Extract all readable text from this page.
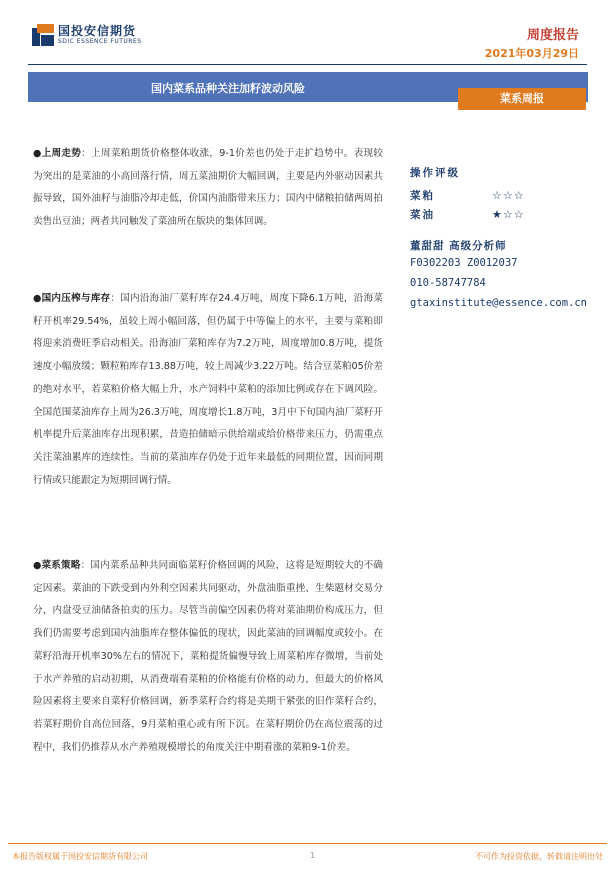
国投安信期货
SDIC ESSENCE FUTURES	周度报告
2021年03月29日
国内菜系品种关注加籽波动风险
菜系周报

●上周走势：上周菜粕期货价格整体收涨，9-1价差也仍处于走扩趋势中。表现较为突出的是菜油的小高回落行情，周五菜油期价大幅回调，主要是内外驱动因素共振导致，国外油籽与油脂冷却走低，价国内油脂带来压力；国内中储粮拍储两周拍卖售出豆油；两者共同触发了菜油所在版块的集体回调。

●国内压榨与库存：国内沿海油厂菜籽库存24.4万吨，周度下降6.1万吨，沿海菜籽开机率29.54%，虽较上周小幅回落，但仍属于中等偏上的水平，主要与菜粕即将迎来消费旺季启动相关。沿海油厂菜粕库存为7.2万吨，周度增加0.8万吨，提货速度小幅放缓；颗粒粕库存13.88万吨，较上周减少3.22万吨。结合豆菜粕05价差的绝对水平，若菜粕价格大幅上升，水产饲料中菜粕的添加比例或存在下调风险。全国范围菜油库存上周为26.3万吨，周度增长1.8万吨，3月中下旬国内油厂菜籽开机率提升后菜油库存出现积累，昔造拍储暗示供给端或给价格带来压力，仍需重点关注菜油累库的连续性。当前的菜油库存仍处于近年来最低的同期位置，因而同期行情或只能跟定为短期回调行情。

●菜系策略：国内菜系品种共同面临菜籽价格回调的风险，这将是短期较大的不确定因素。菜油的下跌受到内外利空因素共同驱动，外盘油脂重挫、生柴题材交易分分，内盘受豆油储备拍卖的压力。尽管当前偏空因素仍将对菜油期价构成压力，但我们仍需要考虑到国内油脂库存整体偏低的现状，因此菜油的回调幅度或较小。在菜籽沿海开机率30%左右的情况下，菜粕提货偏慢导致上周菜粕库存微增，当前处于水产养殖的启动初期，从消费端看菜粕的价格能有价格的动力，但最大的价格风险因素将主要来自菜籽价格回调，新季菜籽合约将是美期干紧张的旧作菜籽合约，若菜籽期价自高位回落，9月菜粕重心或有所下沉。在菜籽期价仍在高位震荡的过程中，我们仍推荐从水产养殖规模增长的角度关注中期看涨的菜粕9-1价差。

操作评级
菜粕	☆☆☆
菜油	★☆☆
董甜甜 高级分析师
F0302203 Z0012037
010-58747784
gtaxinstitute@essence.com.cn
本报告版权属于国投安信期货有限公司	1	不可作为投资依据，转载请注明出处
